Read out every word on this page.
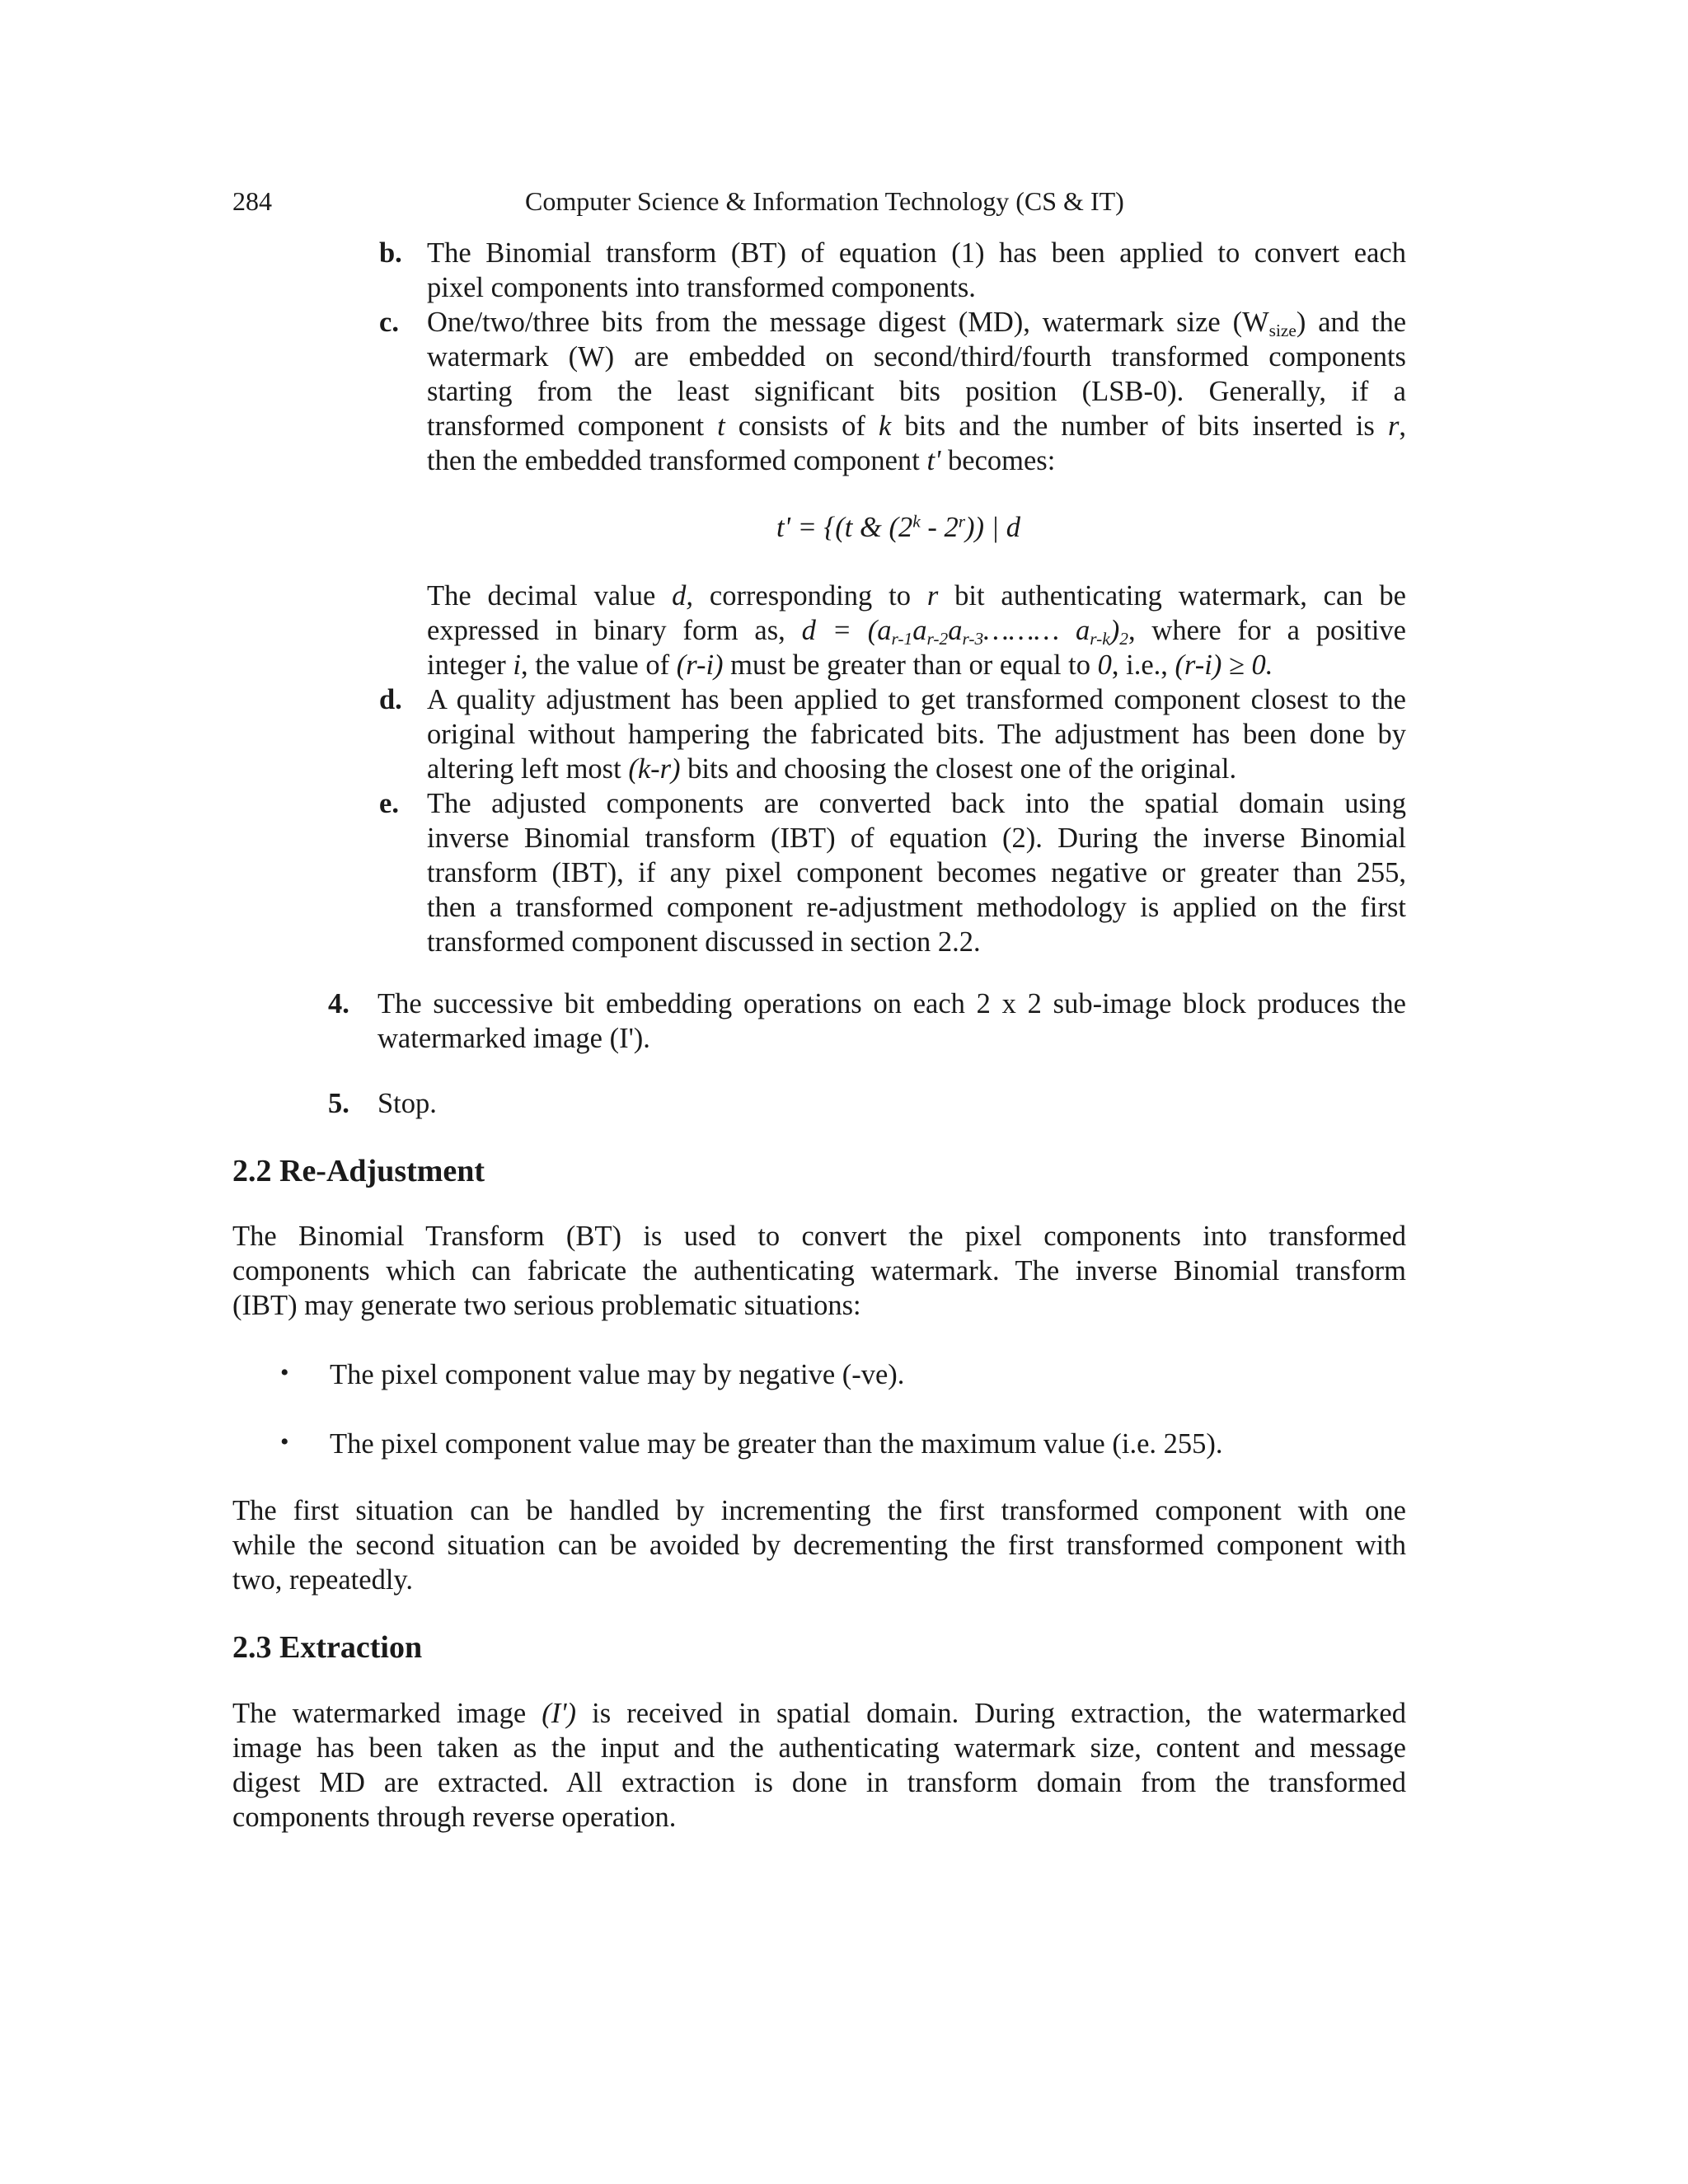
284	Computer Science & Information Technology (CS & IT)
b. The Binomial transform (BT) of equation (1) has been applied to convert each
pixel components into transformed components.
c. One/two/three bits from the message digest (MD), watermark size $(W_{size})$ and the
watermark (W) are embedded on second/third/fourth transformed components
starting from the least significant bits position (LSB-0). Generally, if a
transformed component t consists of k bits and the number of bits inserted is r,
then the embedded transformed component t' becomes:
t' = {(t & (2$^k$ - 2$^r$)) | d
The decimal value d, corresponding to r bit authenticating watermark, can be
expressed in binary form as, $d = (a_{r-1}a_{r-2}a_{r-3}\dots\dots\dots$ $a_{r-k})_2$, where for a positive
integer i, the value of (r-i) must be greater than or equal to 0, i.e., (r-i) ≥ 0.
d. A quality adjustment has been applied to get transformed component closest to the
original without hampering the fabricated bits. The adjustment has been done by
altering left most (k-r) bits and choosing the closest one of the original.
e. The adjusted components are converted back into the spatial domain using
inverse Binomial transform (IBT) of equation (2). During the inverse Binomial
transform (IBT), if any pixel component becomes negative or greater than 255,
then a transformed component re-adjustment methodology is applied on the first
transformed component discussed in section 2.2.
4. The successive bit embedding operations on each 2 x 2 sub-image block produces the
watermarked image (I').
5. Stop.
2.2 Re-Adjustment
The Binomial Transform (BT) is used to convert the pixel components into transformed
components which can fabricate the authenticating watermark. The inverse Binomial transform
(IBT) may generate two serious problematic situations:
• The pixel component value may by negative (-ve).
• The pixel component value may be greater than the maximum value (i.e. 255).
The first situation can be handled by incrementing the first transformed component with one
while the second situation can be avoided by decrementing the first transformed component with
two, repeatedly.
2.3 Extraction
The watermarked image (I') is received in spatial domain. During extraction, the watermarked
image has been taken as the input and the authenticating watermark size, content and message
digest MD are extracted. All extraction is done in transform domain from the transformed
components through reverse operation.
